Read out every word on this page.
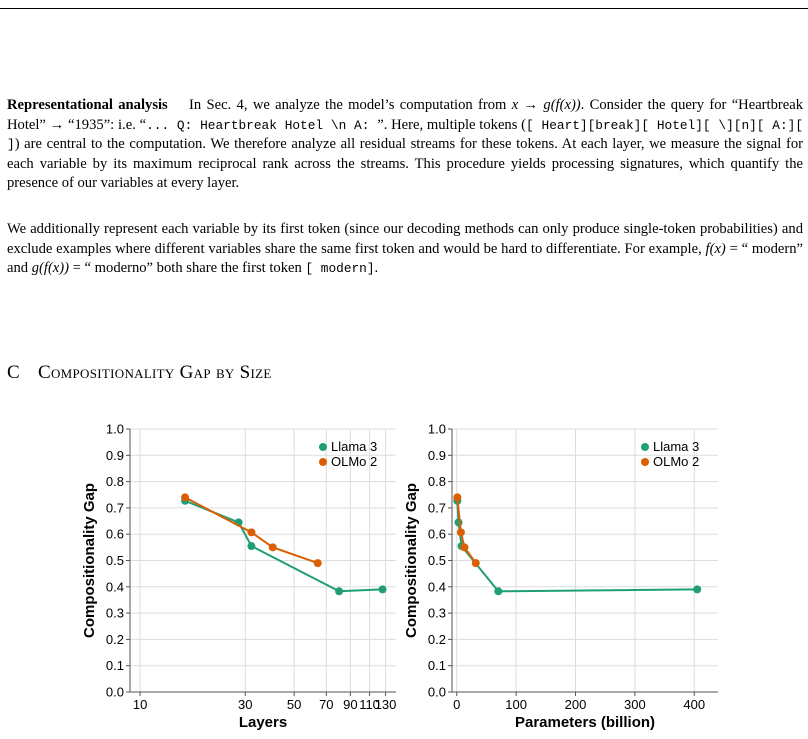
Representational analysis In Sec. 4, we analyze the model’s computation from x → g(f(x)). Consider the query for “Heartbreak Hotel” → “1935”: i.e. “... Q: Heartbreak Hotel \n A: ”. Here, multiple tokens ([ Heart][break][ Hotel][ \][n][ A:][ ]) are central to the computation. We therefore analyze all residual streams for these tokens. At each layer, we measure the signal for each variable by its maximum reciprocal rank across the streams. This procedure yields processing signatures, which quantify the presence of our variables at every layer.

We additionally represent each variable by its first token (since our decoding methods can only produce single-token probabilities) and exclude examples where different variables share the same first token and would be hard to differentiate. For example, f(x) = “ modern” and g(f(x)) = “ moderno” both share the first token [ modern].

C Compositionality Gap by Size
0.0
0.1
0.2
0.3
0.4
0.5
0.6
0.7
0.8
0.9
1.0
10	30	50 70 90 110
130
Layers
Compositionality Gap
Llama 3
OLMo 2
0.0
0.1
0.2
0.3
0.4
0.5
0.6
0.7
0.8
0.9
1.0
0	100	200	300	400
Parameters (billion)
Compositionality Gap
Llama 3
OLMo 2
